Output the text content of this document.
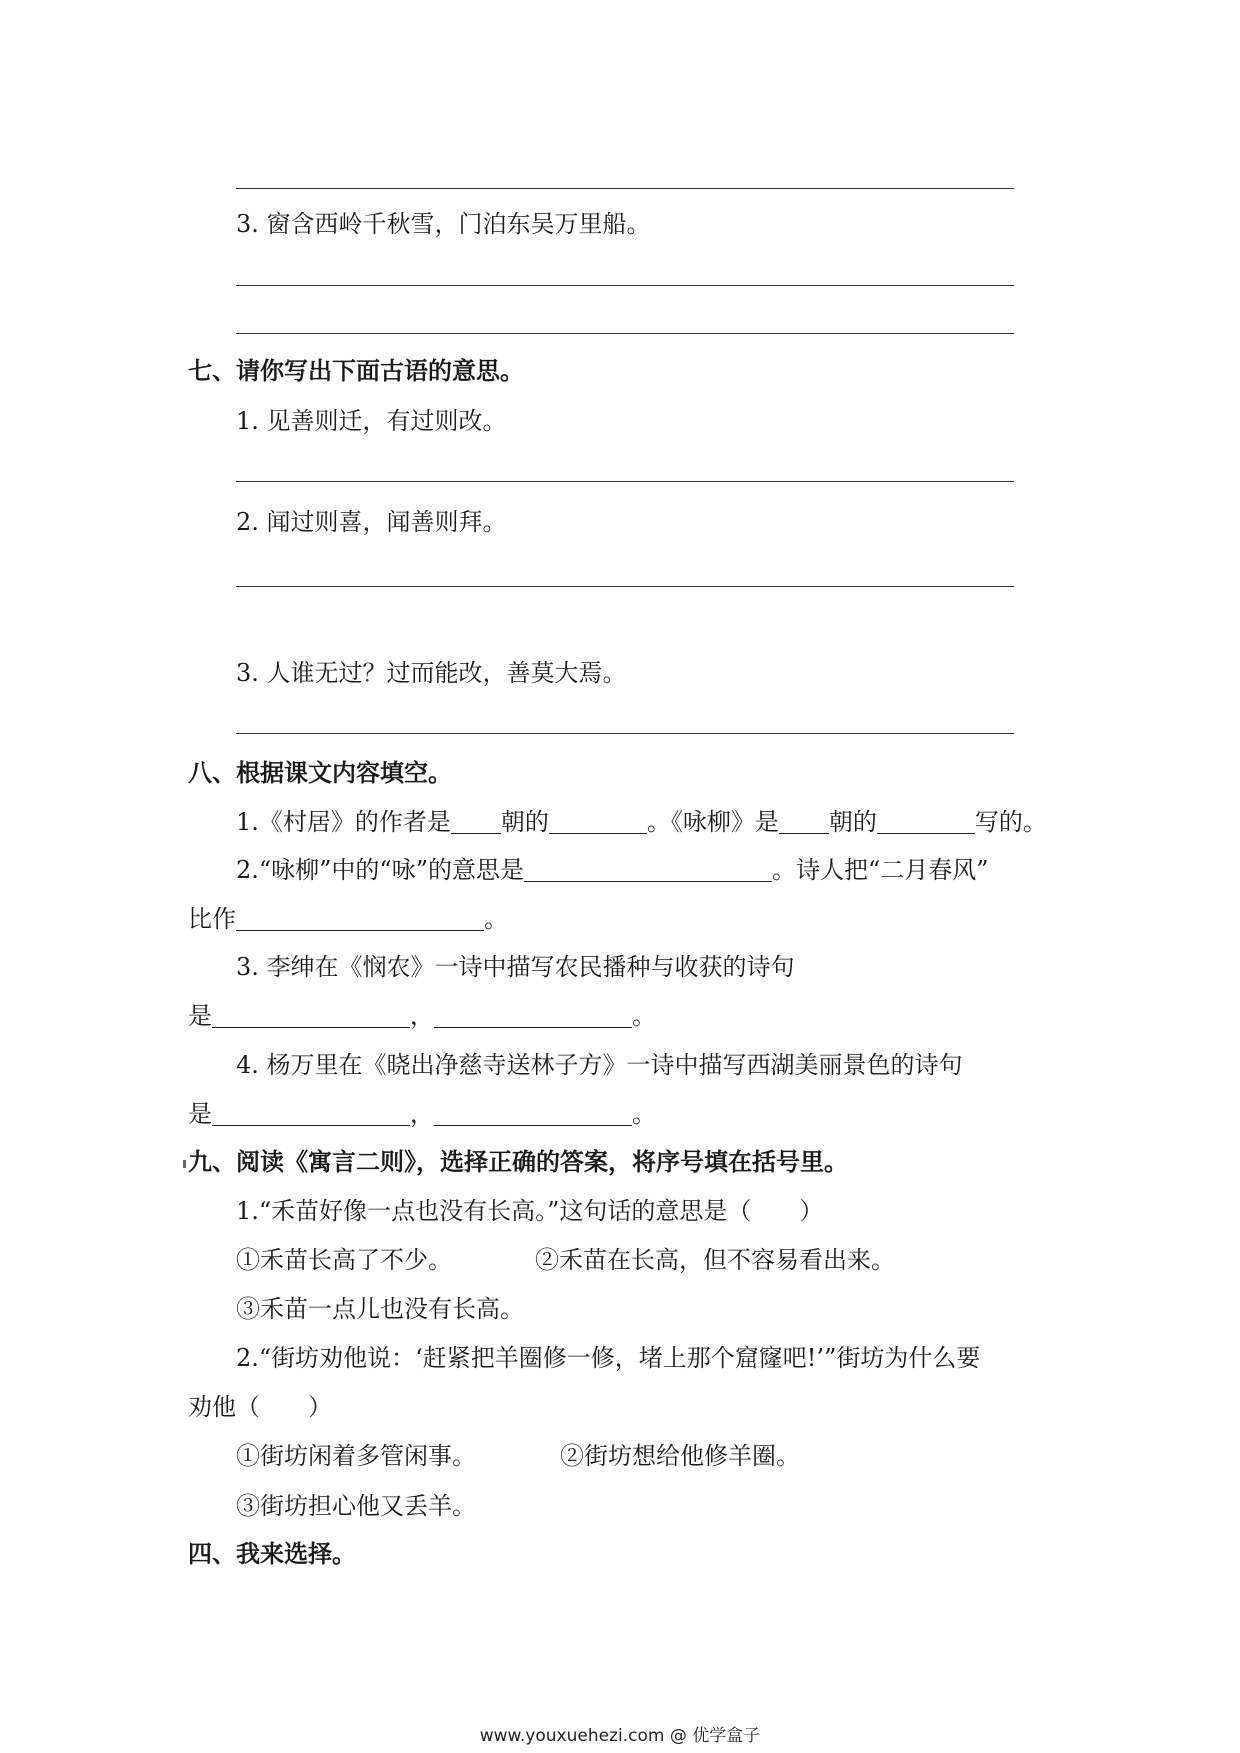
3. 窗含西岭千秋雪，门泊东吴万里船。
七、请你写出下面古语的意思。
1. 见善则迁，有过则改。
2. 闻过则喜，闻善则拜。
3. 人谁无过？过而能改，善莫大焉。
八、根据课文内容填空。
1.《村居》的作者是 朝的	。《咏柳》是 朝的	写的。
2.“咏柳”中的“咏”的意思是	。诗人把“二月春风”
比作	。
3. 李绅在《悯农》一诗中描写农民播种与收获的诗句
是	，	。
4. 杨万里在《晓出净慈寺送林子方》一诗中描写西湖美丽景色的诗句
是	，	。
九、阅读《寓言二则》，选择正确的答案，将序号填在括号里。
1.“禾苗好像一点也没有长高。”这句话的意思是（　　）
①禾苗长高了不少。	②禾苗在长高，但不容易看出来。
③禾苗一点儿也没有长高。
2.“街坊劝他说：‘赶紧把羊圈修一修，堵上那个窟窿吧!’”街坊为什么要
劝他（　　）
①街坊闲着多管闲事。	②街坊想给他修羊圈。
③街坊担心他又丢羊。
四、我来选择。
www.youxuehezi.com @ 优学盒子
